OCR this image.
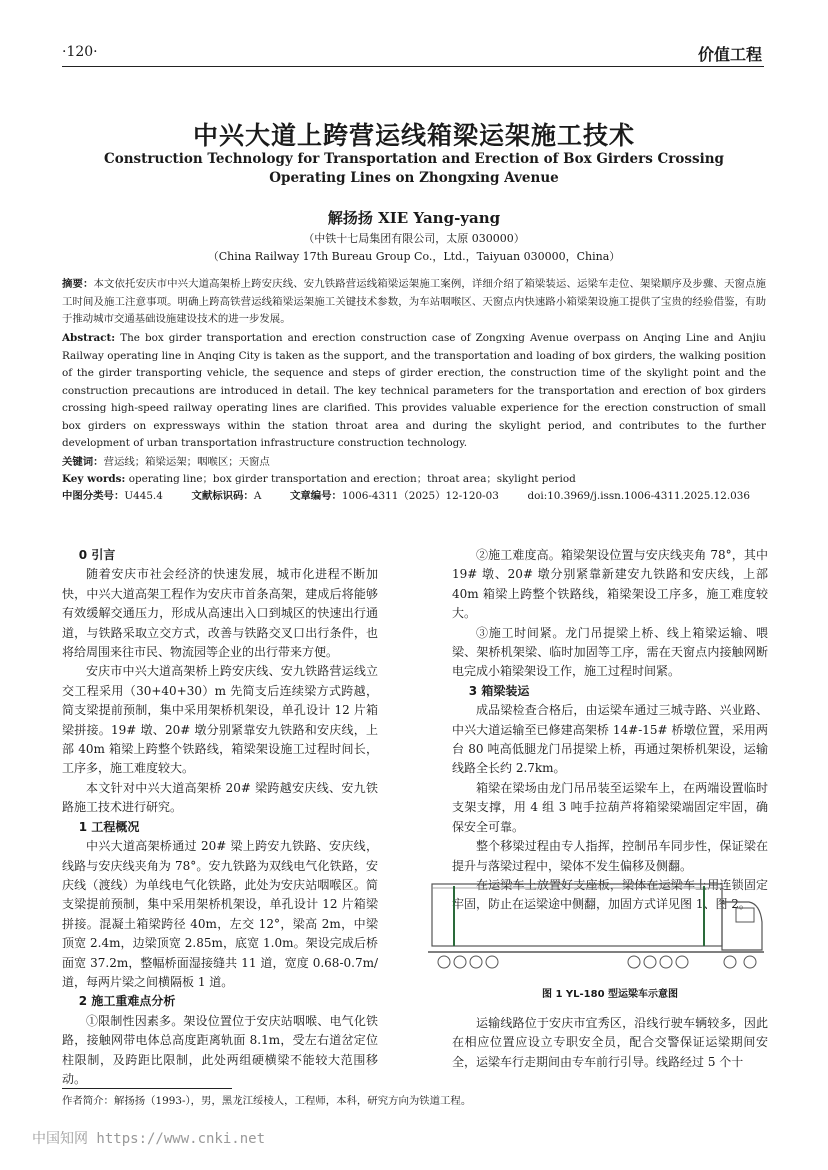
·120·	价值工程
中兴大道上跨营运线箱梁运架施工技术
Construction Technology for Transportation and Erection of Box Girders Crossing Operating Lines on Zhongxing Avenue
解扬扬 XIE Yang-yang
（中铁十七局集团有限公司，太原 030000）
（China Railway 17th Bureau Group Co.，Ltd.，Taiyuan 030000，China）
摘要：本文依托安庆市中兴大道高架桥上跨安庆线、安九铁路营运线箱梁运架施工案例，详细介绍了箱梁装运、运梁车走位、架梁顺序及步骤、天窗点施工时间及施工注意事项。明确上跨高铁营运线箱梁运架施工关键技术参数，为车站咽喉区、天窗点内快速路小箱梁架设施工提供了宝贵的经验借鉴，有助于推动城市交通基础设施建设技术的进一步发展。
Abstract: The box girder transportation and erection construction case of Zongxing Avenue overpass on Anqing Line and Anjiu Railway operating line in Anqing City is taken as the support, and the transportation and loading of box girders, the walking position of the girder transporting vehicle, the sequence and steps of girder erection, the construction time of the skylight point and the construction precautions are introduced in detail. The key technical parameters for the transportation and erection of box girders crossing high-speed railway operating lines are clarified. This provides valuable experience for the erection construction of small box girders on expressways within the station throat area and during the skylight period, and contributes to the further development of urban transportation infrastructure construction technology.
关键词：营运线；箱梁运架；咽喉区；天窗点
Key words: operating line；box girder transportation and erection；throat area；skylight period
中图分类号：U445.4	文献标识码：A	文章编号：1006-4311（2025）12-120-03	doi:10.3969/j.issn.1006-4311.2025.12.036
0 引言

随着安庆市社会经济的快速发展，城市化进程不断加快，中兴大道高架工程作为安庆市首条高架，建成后将能够有效缓解交通压力，形成从高速出入口到城区的快速出行通道，与铁路采取立交方式，改善与铁路交叉口出行条件，也将给周围来往市民、物流园等企业的出行带来方便。

安庆市中兴大道高架桥上跨安庆线、安九铁路营运线立交工程采用（30+40+30）m 先简支后连续梁方式跨越，简支梁提前预制，集中采用架桥机架设，单孔设计 12 片箱梁拼接。19# 墩、20# 墩分别紧靠安九铁路和安庆线，上部 40m 箱梁上跨整个铁路线，箱梁架设施工过程时间长，工序多，施工难度较大。

本文针对中兴大道高架桥 20# 梁跨越安庆线、安九铁路施工技术进行研究。

1 工程概况

中兴大道高架桥通过 20# 梁上跨安九铁路、安庆线，线路与安庆线夹角为 78°。安九铁路为双线电气化铁路，安庆线（渡线）为单线电气化铁路，此处为安庆站咽喉区。简支梁提前预制，集中采用架桥机架设，单孔设计 12 片箱梁拼接。混凝土箱梁跨径 40m，左交 12°，梁高 2m，中梁顶宽 2.4m，边梁顶宽 2.85m，底宽 1.0m。架设完成后桥面宽 37.2m，整幅桥面湿接缝共 11 道，宽度 0.68-0.7m/道，每两片梁之间横隔板 1 道。

2 施工重难点分析

①限制性因素多。架设位置位于安庆站咽喉、电气化铁路，接触网带电体总高度距离轨面 8.1m，受左右道岔定位柱限制，及跨距比限制，此处两组硬横梁不能较大范围移动。

②施工难度高。箱梁架设位置与安庆线夹角 78°，其中 19# 墩、20# 墩分别紧靠新建安九铁路和安庆线，上部 40m 箱梁上跨整个铁路线，箱梁架设工序多，施工难度较大。

③施工时间紧。龙门吊提梁上桥、线上箱梁运输、喂梁、架桥机架梁、临时加固等工序，需在天窗点内接触网断电完成小箱梁架设工作，施工过程时间紧。

3 箱梁装运

成品梁检查合格后，由运梁车通过三城寺路、兴业路、中兴大道运输至已修建高架桥 14#-15# 桥墩位置，采用两台 80 吨高低腿龙门吊提梁上桥，再通过架桥机架设，运输线路全长约 2.7km。

箱梁在梁场由龙门吊吊装至运梁车上，在两端设置临时支架支撑，用 4 组 3 吨手拉葫芦将箱梁梁端固定牢固，确保安全可靠。

整个移梁过程由专人指挥，控制吊车同步性，保证梁在提升与落梁过程中，梁体不发生偏移及侧翻。

在运梁车上放置好支座板，梁体在运梁车上用连锁固定牢固，防止在运梁途中侧翻，加固方式详见图 1、图 2。

图 1 YL-180 型运梁车示意图

运输线路位于安庆市宜秀区，沿线行驶车辆较多，因此在相应位置应设立专职安全员，配合交警保证运梁期间安全，运梁车行走期间由专车前行引导。线路经过 5 个十

作者简介：解扬扬（1993-），男，黑龙江绥棱人，工程师，本科，研究方向为铁道工程。
中国知网 https://www.cnki.net
